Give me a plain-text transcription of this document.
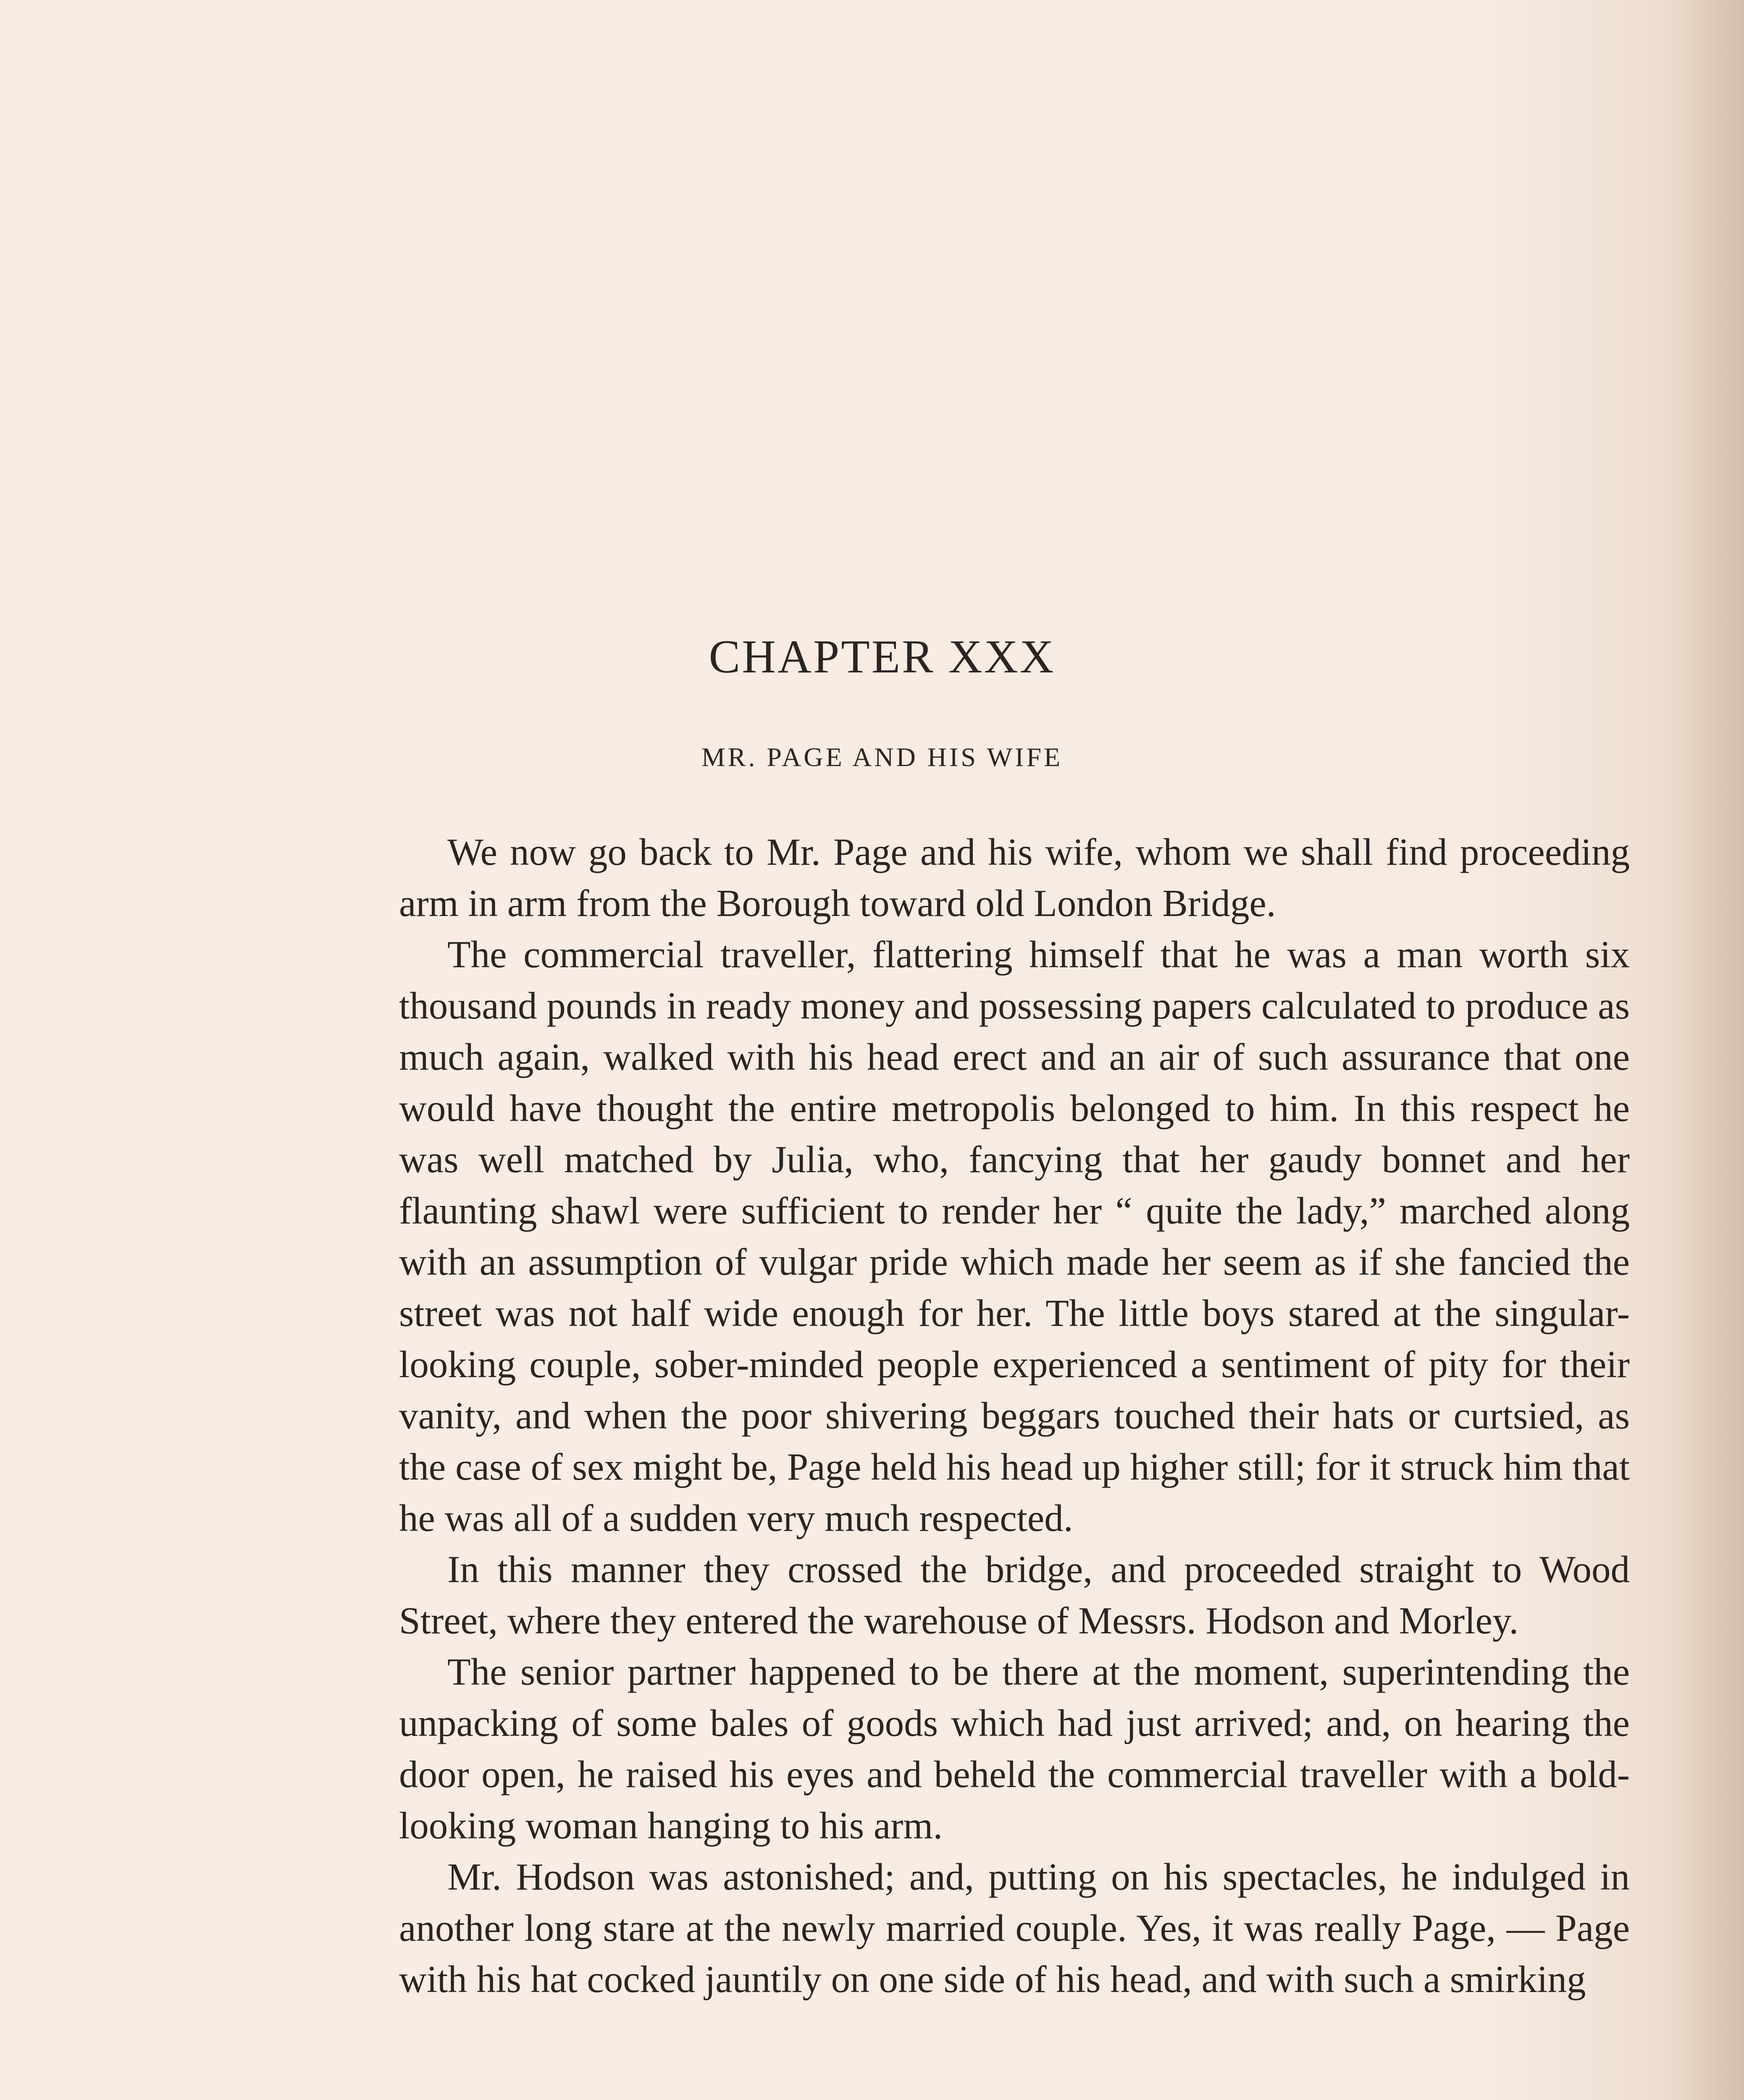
CHAPTER XXX
MR. PAGE AND HIS WIFE

We now go back to Mr. Page and his wife, whom we shall find proceeding arm in arm from the Borough toward old London Bridge.

The commercial traveller, flattering himself that he was a man worth six thousand pounds in ready money and possessing papers calculated to produce as much again, walked with his head erect and an air of such assurance that one would have thought the entire metropolis belonged to him. In this respect he was well matched by Julia, who, fancying that her gaudy bonnet and her flaunting shawl were sufficient to render her “ quite the lady,” marched along with an assumption of vulgar pride which made her seem as if she fancied the street was not half wide enough for her. The little boys stared at the singular-looking couple, sober-minded people experienced a sentiment of pity for their vanity, and when the poor shivering beggars touched their hats or curtsied, as the case of sex might be, Page held his head up higher still; for it struck him that he was all of a sudden very much respected.

In this manner they crossed the bridge, and proceeded straight to Wood Street, where they entered the warehouse of Messrs. Hodson and Morley.

The senior partner happened to be there at the moment, superintending the unpacking of some bales of goods which had just arrived; and, on hearing the door open, he raised his eyes and beheld the commercial traveller with a bold-looking woman hanging to his arm.

Mr. Hodson was astonished; and, putting on his spectacles, he indulged in another long stare at the newly married couple. Yes, it was really Page, — Page with his hat cocked jauntily on one side of his head, and with such a smirking
